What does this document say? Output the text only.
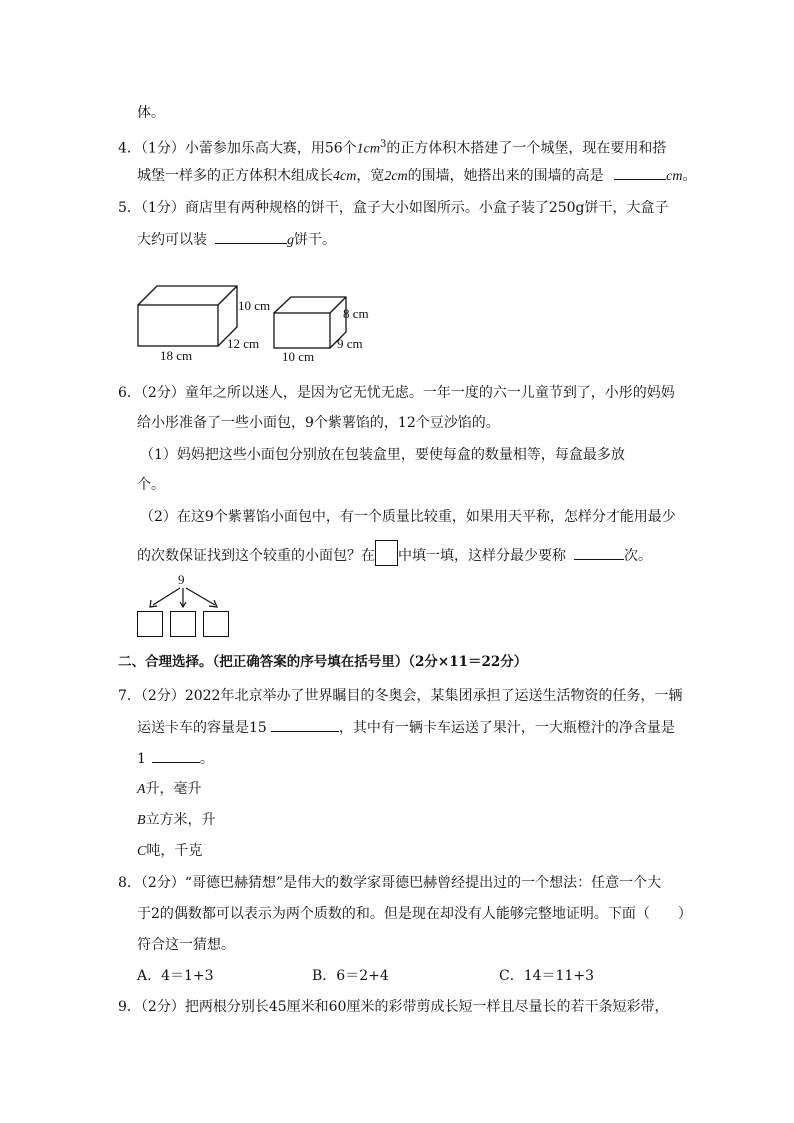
体。
4．（1分）小蕾参加乐高大赛，用56个$1cm^3$的正方体积木搭建了一个城堡，现在要用和搭
城堡一样多的正方体积木组成长4cm，宽2cm的围墙，她搭出来的围墙的高是	cm。
5．（1分）商店里有两种规格的饼干，盒子大小如图所示。小盒子装了250g饼干，大盒子
大约可以装	g饼干。
10 cm
12 cm
18 cm
8 cm
9 cm
10 cm
6．（2分）童年之所以迷人，是因为它无忧无虑。一年一度的六一儿童节到了，小彤的妈妈
给小彤准备了一些小面包，9个紫薯馅的，12个豆沙馅的。
（1）妈妈把这些小面包分别放在包装盒里，要使每盒的数量相等，每盒最多放
个。
（2）在这9个紫薯馅小面包中，有一个质量比较重，如果用天平称，怎样分才能用最少
的次数保证找到这个较重的小面包？在 中填一填，这样分最少要称	次。
9
二、合理选择。（把正确答案的序号填在括号里）（2分×11＝22分）
7．（2分）2022年北京举办了世界瞩目的冬奥会，某集团承担了运送生活物资的任务，一辆
运送卡车的容量是15	，其中有一辆卡车运送了果汁，一大瓶橙汁的净含量是
1	。
A升，毫升
B立方米，升
C吨，千克
8．（2分）“哥德巴赫猜想”是伟大的数学家哥德巴赫曾经提出过的一个想法：任意一个大
于2的偶数都可以表示为两个质数的和。但是现在却没有人能够完整地证明。下面（　　）
符合这一猜想。
A．4＝1+3	B．6＝2+4	C．14＝11+3
9．（2分）把两根分别长45厘米和60厘米的彩带剪成长短一样且尽量长的若干条短彩带，
